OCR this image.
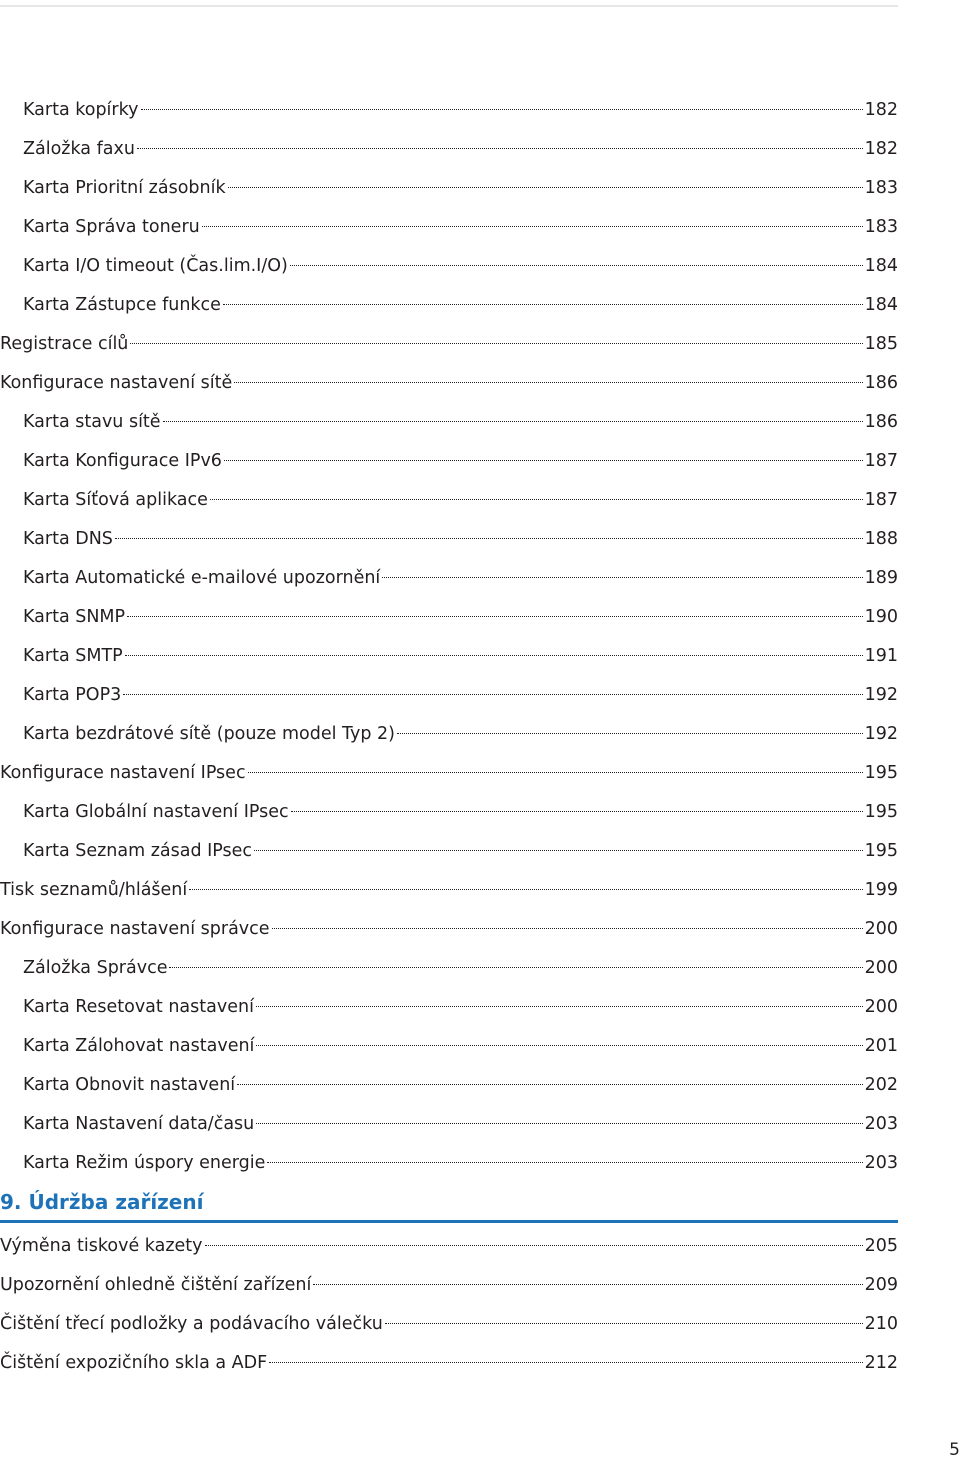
Karta kopírky	182
Záložka faxu	182
Karta Prioritní zásobník	183
Karta Správa toneru	183
Karta I/O timeout (Čas.lim.I/O)	184
Karta Zástupce funkce	184
Registrace cílů	185
Konfigurace nastavení sítě	186
Karta stavu sítě	186
Karta Konfigurace IPv6	187
Karta Síťová aplikace	187
Karta DNS	188
Karta Automatické e-mailové upozornění	189
Karta SNMP	190
Karta SMTP	191
Karta POP3	192
Karta bezdrátové sítě (pouze model Typ 2)	192
Konfigurace nastavení IPsec	195
Karta Globální nastavení IPsec	195
Karta Seznam zásad IPsec	195
Tisk seznamů/hlášení	199
Konfigurace nastavení správce	200
Záložka Správce	200
Karta Resetovat nastavení	200
Karta Zálohovat nastavení	201
Karta Obnovit nastavení	202
Karta Nastavení data/času	203
Karta Režim úspory energie	203
9. Údržba zařízení
Výměna tiskové kazety	205
Upozornění ohledně čištění zařízení	209
Čištění třecí podložky a podávacího válečku	210
Čištění expozičního skla a ADF	212
5
